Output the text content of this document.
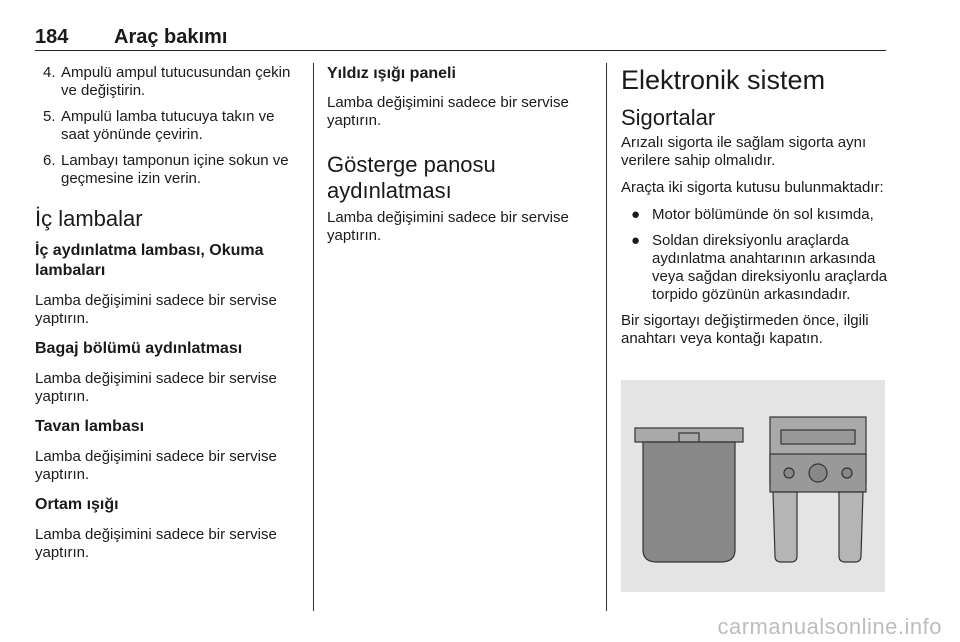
184 Araç bakımı
4. Ampulü ampul tutucusundan çekin ve değiştirin.
5. Ampulü lamba tutucuya takın ve saat yönünde çevirin.
6. Lambayı tamponun içine sokun ve geçmesine izin verin.
İç lambalar
İç aydınlatma lambası, Okuma lambaları

Lamba değişimini sadece bir servise yaptırın.

Bagaj bölümü aydınlatması

Lamba değişimini sadece bir servise yaptırın.

Tavan lambası

Lamba değişimini sadece bir servise yaptırın.

Ortam ışığı

Lamba değişimini sadece bir servise yaptırın.

Yıldız ışığı paneli

Lamba değişimini sadece bir servise yaptırın.

Gösterge panosu aydınlatması

Lamba değişimini sadece bir servise yaptırın.

Elektronik sistem
Sigortalar

Arızalı sigorta ile sağlam sigorta aynı verilere sahip olmalıdır.

Araçta iki sigorta kutusu bulunmaktadır:

● Motor bölümünde ön sol kısımda,
● Soldan direksiyonlu araçlarda aydınlatma anahtarının arkasında veya sağdan direksiyonlu araçlarda torpido gözünün arkasındadır.

Bir sigortayı değiştirmeden önce, ilgili anahtarı veya kontağı kapatın.

carmanualsonline.info
